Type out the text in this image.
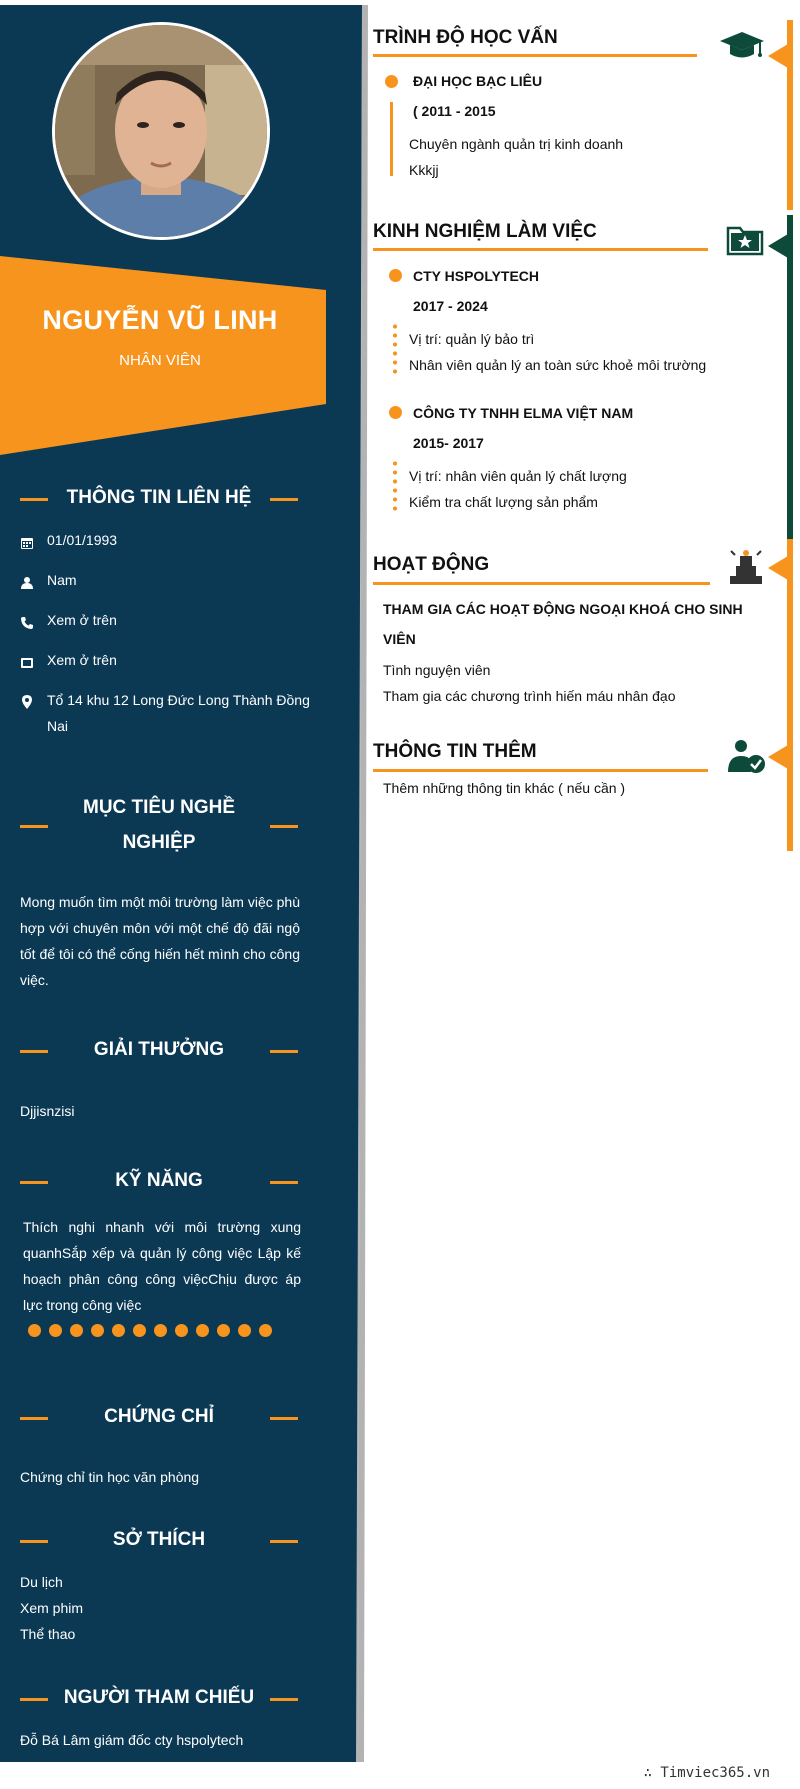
NGUYỄN VŨ LINH
NHÂN VIÊN
THÔNG TIN LIÊN HỆ
01/01/1993
Nam
Xem ở trên
Xem ở trên
Tổ 14 khu 12 Long Đức Long Thành Đồng Nai
MỤC TIÊU NGHỀ NGHIỆP
Mong muốn tìm một môi trường làm việc phù hợp với chuyên môn với một chế độ đãi ngộ tốt để tôi có thể cống hiến hết mình cho công việc.
GIẢI THƯỞNG
Djjisnzisi
KỸ NĂNG
Thích nghi nhanh với môi trường xung quanhSắp xếp và quản lý công việc Lập kế hoạch phân công công việcChịu được áp lực trong công việc
CHỨNG CHỈ
Chứng chỉ tin học văn phòng
SỞ THÍCH
Du lịch
Xem phim
Thể thao
NGƯỜI THAM CHIẾU
Đỗ Bá Lâm giám đốc cty hspolytech
TRÌNH ĐỘ HỌC VẤN
ĐẠI HỌC BẠC LIÊU
( 2011 - 2015
Chuyên ngành quản trị kinh doanh
Kkkjj
KINH NGHIỆM LÀM VIỆC
CTY HSPOLYTECH
2017 - 2024
Vị trí: quản lý bảo trì
Nhân viên quản lý an toàn sức khoẻ môi trường
CÔNG TY TNHH ELMA VIỆT NAM
2015- 2017
Vị trí: nhân viên quản lý chất lượng
Kiểm tra chất lượng sản phẩm
HOẠT ĐỘNG
THAM GIA CÁC HOẠT ĐỘNG NGOẠI KHOÁ CHO SINH VIÊN
Tình nguyện viên
Tham gia các chương trình hiến máu nhân đạo
THÔNG TIN THÊM
Thêm những thông tin khác ( nếu cần )
∴ Timviec365.vn
